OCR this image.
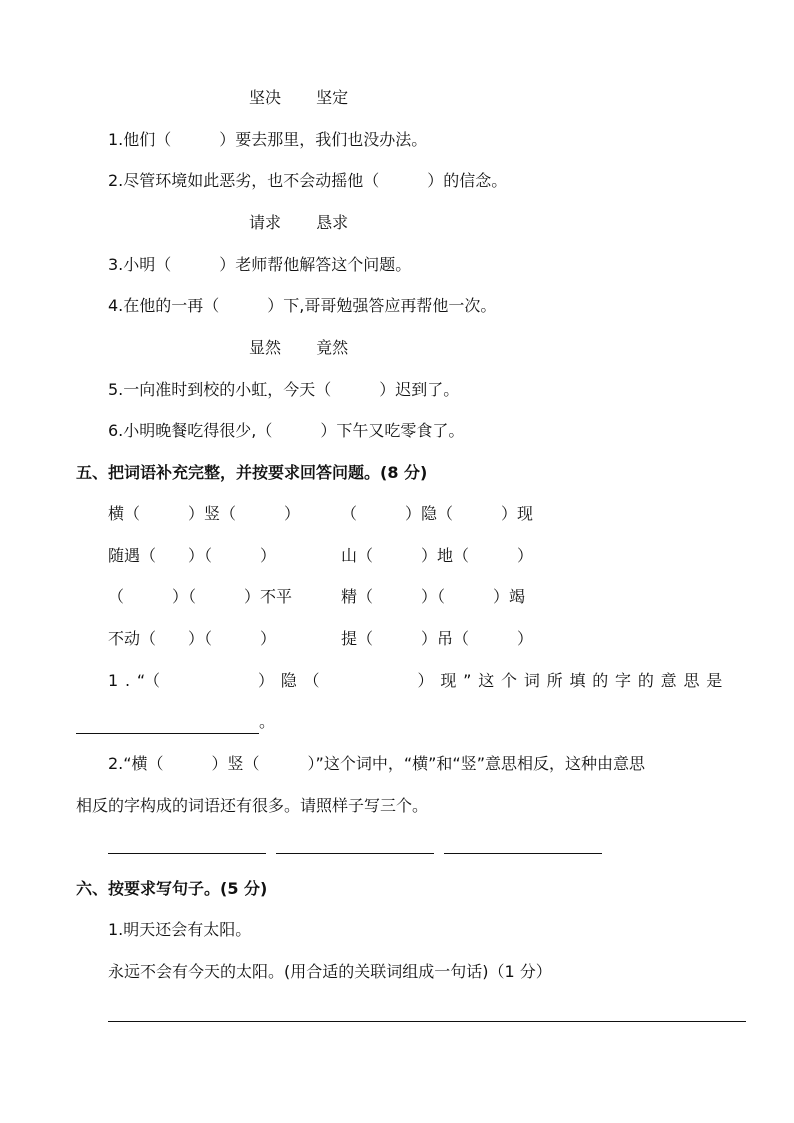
坚决 坚定
1.他们（　　　）要去那里，我们也没办法。
2.尽管环境如此恶劣，也不会动摇他（　　　）的信念。
请求 恳求
3.小明（　　　）老师帮他解答这个问题。
4.在他的一再（　　　）下,哥哥勉强答应再帮他一次。
显然 竟然
5.一向准时到校的小虹，今天（　　　）迟到了。
6.小明晚餐吃得很少,（　　　）下午又吃零食了。
五、把词语补充完整，并按要求回答问题。(8 分)
横（　　　）竖（　　　）	（　　　）隐（　　　）现
随遇（　　）（　　　）	山（　　　）地（　　　）
（　　　）（　　　）不平	精（　　　）（　　　）竭
不动（　　）（　　　）	提（　　　）吊（　　　）
1.“（　　　　）隐（　　　　）现”这个词所填的字的意思是
。
2.“横（　　　）竖（　　　）”这个词中，“横”和“竖”意思相反，这种由意思
相反的字构成的词语还有很多。请照样子写三个。
六、按要求写句子。(5 分)
1.明天还会有太阳。
永远不会有今天的太阳。(用合适的关联词组成一句话)（1 分）
